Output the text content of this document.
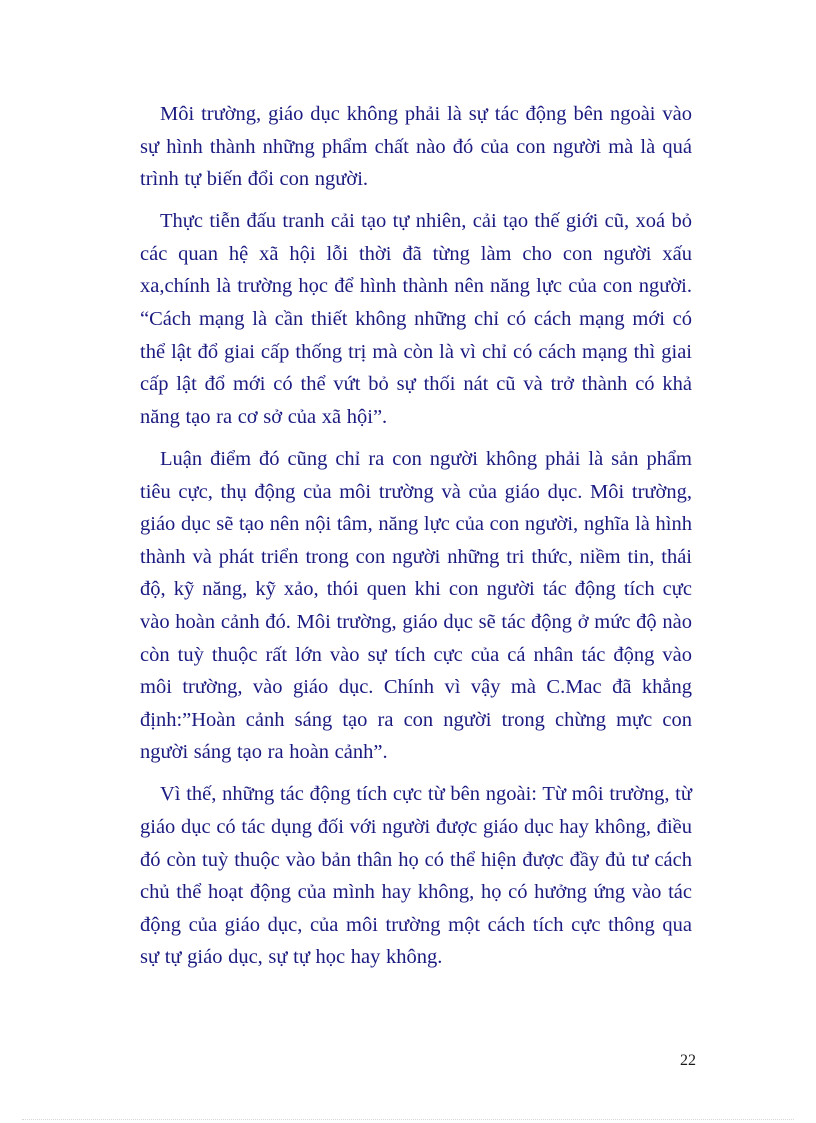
Môi trường, giáo dục không phải là sự tác động bên ngoài vào sự hình thành những phẩm chất nào đó của con người mà là quá trình tự biến đổi con người.

Thực tiễn đấu tranh cải tạo tự nhiên, cải tạo thế giới cũ, xoá bỏ các quan hệ xã hội lỗi thời đã từng làm cho con người xấu xa,chính là trường học để hình thành nên năng lực của con người. “Cách mạng là cần thiết không những chỉ có cách mạng mới có thể lật đổ giai cấp thống trị mà còn là vì chỉ có cách mạng thì giai cấp lật đổ mới có thể vứt bỏ sự thối nát cũ và trở thành có khả năng tạo ra cơ sở của xã hội”.

Luận điểm đó cũng chỉ ra con người không phải là sản phẩm tiêu cực, thụ động của môi trường và của giáo dục. Môi trường, giáo dục sẽ tạo nên nội tâm, năng lực của con người, nghĩa là hình thành và phát triển trong con người những tri thức, niềm tin, thái độ, kỹ năng, kỹ xảo, thói quen khi con người tác động tích cực vào hoàn cảnh đó. Môi trường, giáo dục sẽ tác động ở mức độ nào còn tuỳ thuộc rất lớn vào sự tích cực của cá nhân tác động vào môi trường, vào giáo dục. Chính vì vậy mà C.Mac đã khẳng định:”Hoàn cảnh sáng tạo ra con người trong chừng mực con người sáng tạo ra hoàn cảnh”.

Vì thế, những tác động tích cực từ bên ngoài: Từ môi trường, từ giáo dục có tác dụng đối với người được giáo dục hay không, điều đó còn tuỳ thuộc vào bản thân họ có thể hiện được đầy đủ tư cách chủ thể hoạt động của mình hay không, họ có hưởng ứng vào tác động của giáo dục, của môi trường một cách tích cực thông qua sự tự giáo dục, sự tự học hay không.

22
